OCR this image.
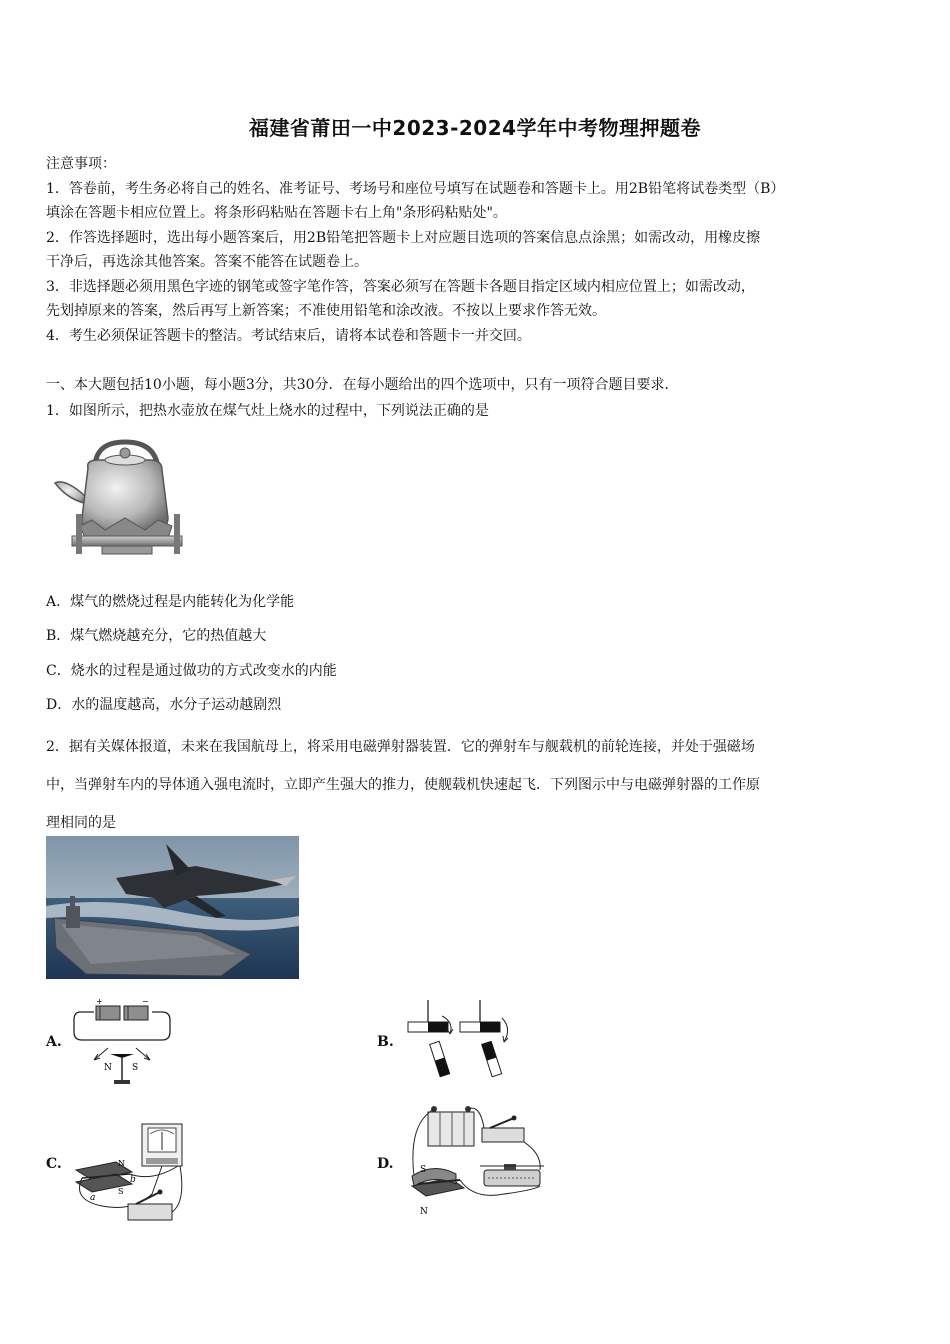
福建省莆田一中2023-2024学年中考物理押题卷
注意事项：
1．答卷前，考生务必将自己的姓名、准考证号、考场号和座位号填写在试题卷和答题卡上。用2B铅笔将试卷类型（B）
填涂在答题卡相应位置上。将条形码粘贴在答题卡右上角"条形码粘贴处"。
2．作答选择题时，选出每小题答案后，用2B铅笔把答题卡上对应题目选项的答案信息点涂黑；如需改动，用橡皮擦
干净后，再选涂其他答案。答案不能答在试题卷上。
3．非选择题必须用黑色字迹的钢笔或签字笔作答，答案必须写在答题卡各题目指定区域内相应位置上；如需改动，
先划掉原来的答案，然后再写上新答案；不准使用铅笔和涂改液。不按以上要求作答无效。
4．考生必须保证答题卡的整洁。考试结束后，请将本试卷和答题卡一并交回。
一、本大题包括10小题，每小题3分，共30分．在每小题给出的四个选项中，只有一项符合题目要求．
1．如图所示，把热水壶放在煤气灶上烧水的过程中，下列说法正确的是
A．煤气的燃烧过程是内能转化为化学能
B．煤气燃烧越充分，它的热值越大
C．烧水的过程是通过做功的方式改变水的内能
D．水的温度越高，水分子运动越剧烈
2．据有关媒体报道，未来在我国航母上，将采用电磁弹射器装置．它的弹射车与舰载机的前轮连接，并处于强磁场
中，当弹射车内的导体通入强电流时，立即产生强大的推力，使舰载机快速起飞．下列图示中与电磁弹射器的工作原
理相同的是
A.
+	−
N S
B.
C.	N
S
a
b
D.	S
N
